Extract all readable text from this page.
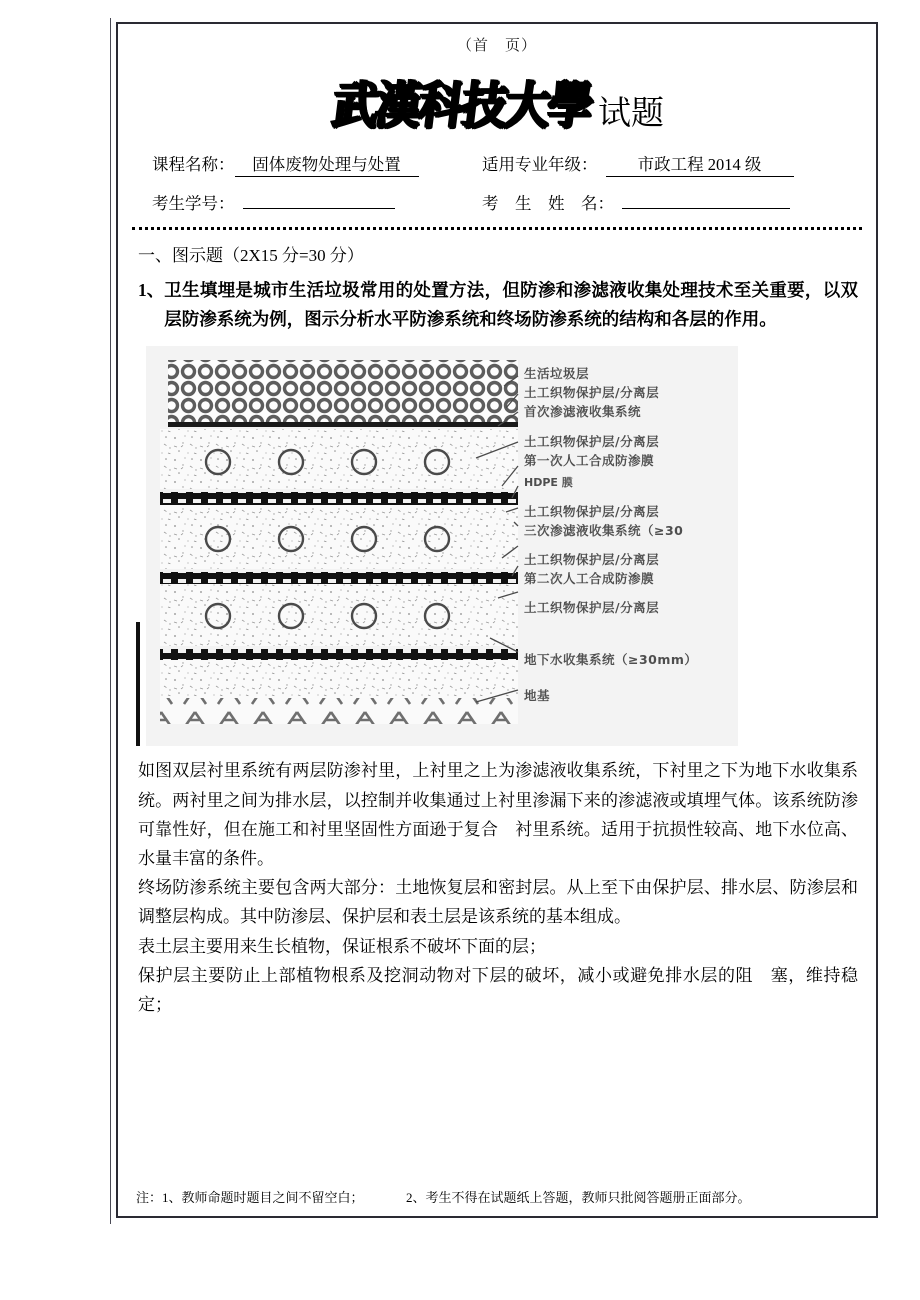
（首　页）
武漢科技大學 试题
课程名称：	固体废物处理与处置	适用专业年级：	市政工程 2014 级
考生学号：	考　生　姓　名：
一、图示题（2X15 分=30 分）
1、 卫生填埋是城市生活垃圾常用的处置方法，但防渗和渗滤液收集处理技术至关重要，以双层防渗系统为例，图示分析水平防渗系统和终场防渗系统的结构和各层的作用。
生活垃圾层
土工织物保护层/分离层
首次渗滤液收集系统
土工织物保护层/分离层
第一次人工合成防渗膜
HDPE 膜
土工织物保护层/分离层
三次渗滤液收集系统（≥30
土工织物保护层/分离层
第二次人工合成防渗膜
土工织物保护层/分离层
地下水收集系统（≥30mm）
地基

如图双层衬里系统有两层防渗衬里，上衬里之上为渗滤液收集系统，下衬里之下为地下水收集系统。两衬里之间为排水层，以控制并收集通过上衬里渗漏下来的渗滤液或填埋气体。该系统防渗可靠性好，但在施工和衬里坚固性方面逊于复合　衬里系统。适用于抗损性较高、地下水位高、水量丰富的条件。

终场防渗系统主要包含两大部分：土地恢复层和密封层。从上至下由保护层、排水层、防渗层和调整层构成。其中防渗层、保护层和表土层是该系统的基本组成。

表土层主要用来生长植物，保证根系不破坏下面的层；

保护层主要防止上部植物根系及挖洞动物对下层的破坏，减小或避免排水层的阻　塞，维持稳定；

注：1、教师命题时题目之间不留空白；	2、考生不得在试题纸上答题，教师只批阅答题册正面部分。
